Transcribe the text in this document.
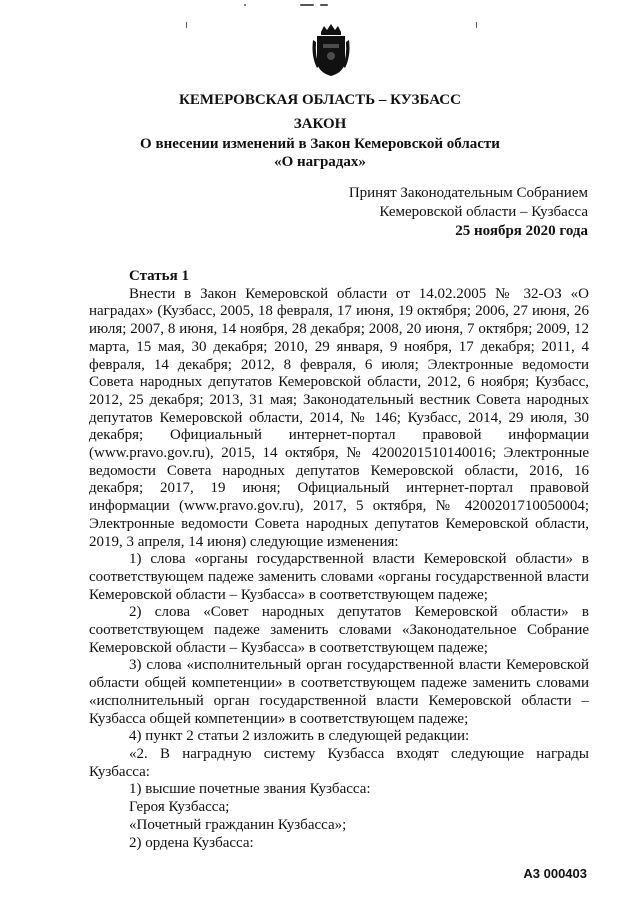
КЕМЕРОВСКАЯ ОБЛАСТЬ – КУЗБАСС
ЗАКОН
О внесении изменений в Закон Кемеровской области
«О наградах»
Принят Законодательным Собранием
Кемеровской области – Кузбасса
25 ноября 2020 года

Статья 1

Внести в Закон Кемеровской области от 14.02.2005 № 32-ОЗ «О наградах» (Кузбасс, 2005, 18 февраля, 17 июня, 19 октября; 2006, 27 июня, 26 июля; 2007, 8 июня, 14 ноября, 28 декабря; 2008, 20 июня, 7 октября; 2009, 12 марта, 15 мая, 30 декабря; 2010, 29 января, 9 ноября, 17 декабря; 2011, 4 февраля, 14 декабря; 2012, 8 февраля, 6 июля; Электронные ведомости Совета народных депутатов Кемеровской области, 2012, 6 ноября; Кузбасс, 2012, 25 декабря; 2013, 31 мая; Законодательный вестник Совета народных депутатов Кемеровской области, 2014, № 146; Кузбасс, 2014, 29 июля, 30 декабря; Официальный интернет-портал правовой информации (www.pravo.gov.ru), 2015, 14 октября, № 4200201510140016; Электронные ведомости Совета народных депутатов Кемеровской области, 2016, 16 декабря; 2017, 19 июня; Официальный интернет-портал правовой информации (www.pravo.gov.ru), 2017, 5 октября, № 4200201710050004; Электронные ведомости Совета народных депутатов Кемеровской области, 2019, 3 апреля, 14 июня) следующие изменения:

1) слова «органы государственной власти Кемеровской области» в соответствующем падеже заменить словами «органы государственной власти Кемеровской области – Кузбасса» в соответствующем падеже;

2) слова «Совет народных депутатов Кемеровской области» в соответствующем падеже заменить словами «Законодательное Собрание Кемеровской области – Кузбасса» в соответствующем падеже;

3) слова «исполнительный орган государственной власти Кемеровской области общей компетенции» в соответствующем падеже заменить словами «исполнительный орган государственной власти Кемеровской области – Кузбасса общей компетенции» в соответствующем падеже;

4) пункт 2 статьи 2 изложить в следующей редакции:

«2. В наградную систему Кузбасса входят следующие награды Кузбасса:

1) высшие почетные звания Кузбасса:

Героя Кузбасса;

«Почетный гражданин Кузбасса»;

2) ордена Кузбасса:

А3 000403
